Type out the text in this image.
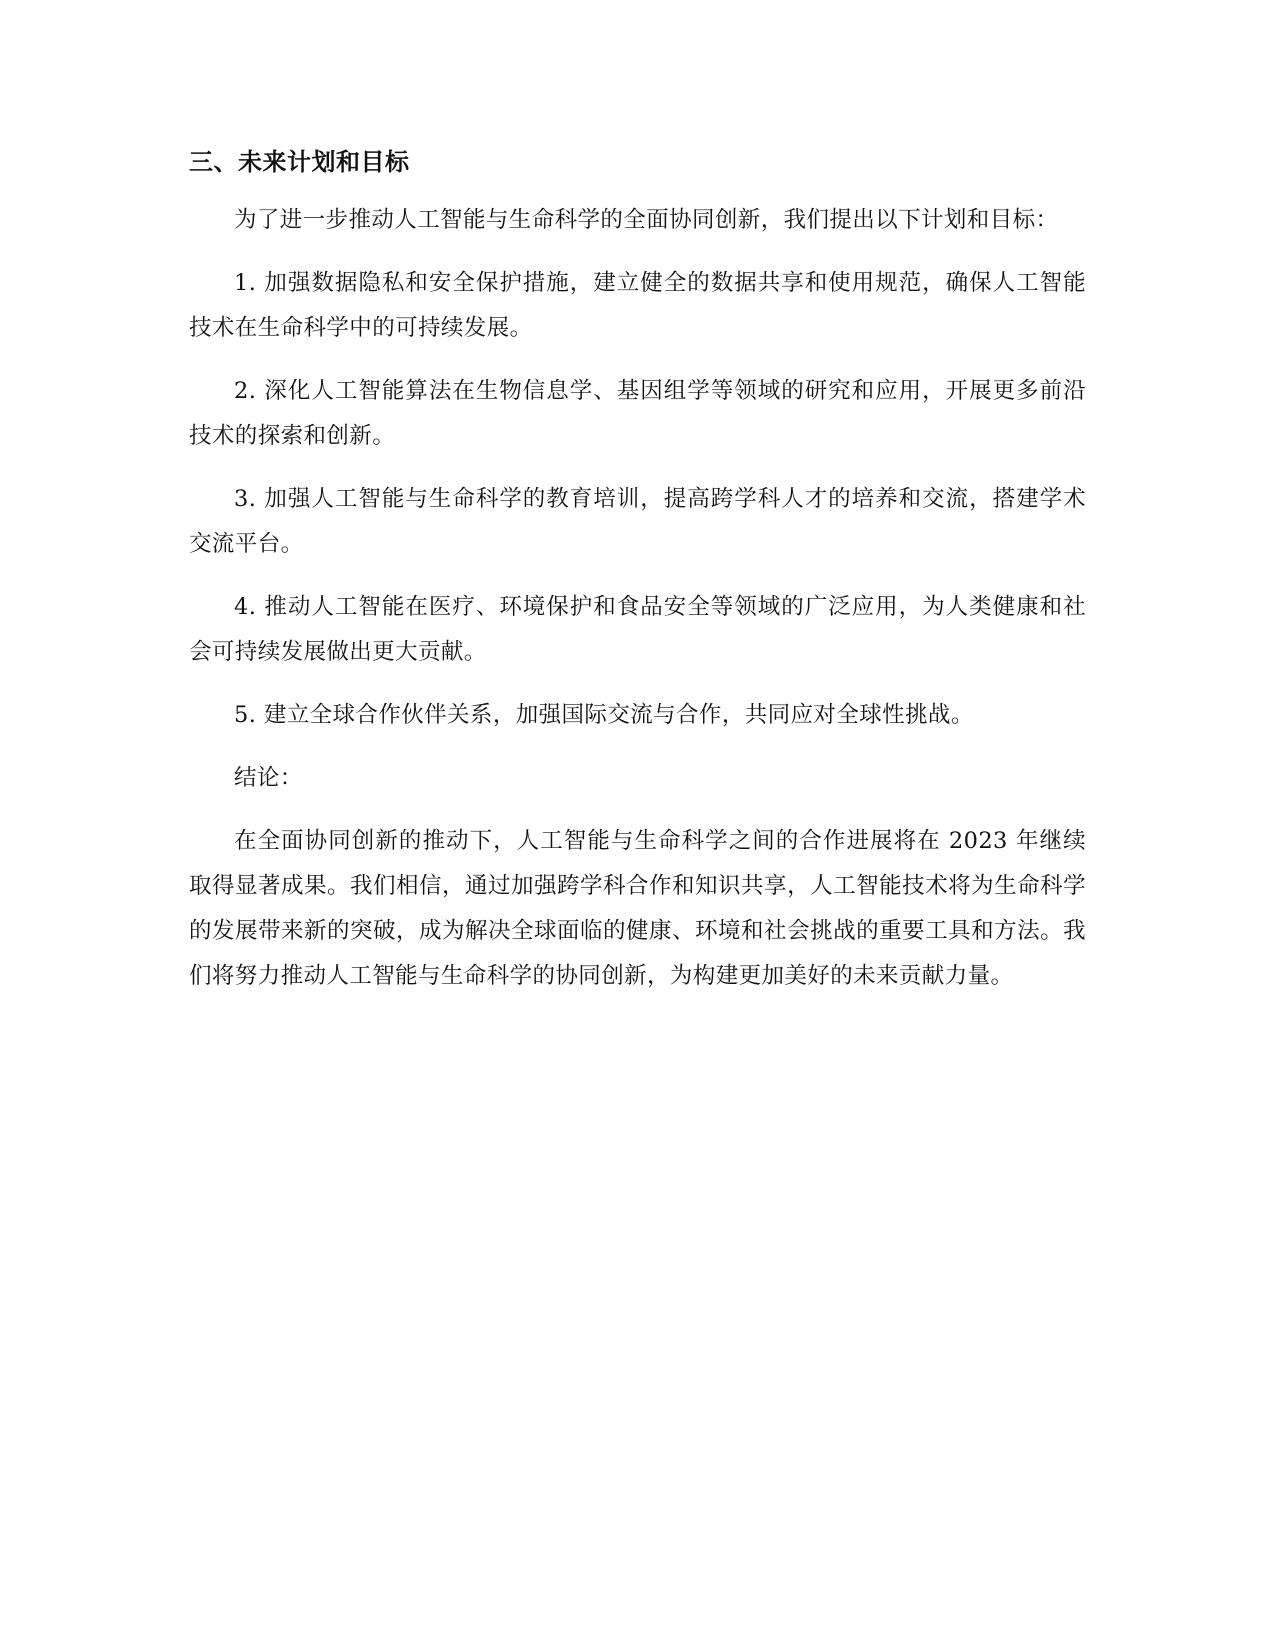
三、未来计划和目标

为了进一步推动人工智能与生命科学的全面协同创新，我们提出以下计划和目标：

1. 加强数据隐私和安全保护措施，建立健全的数据共享和使用规范，确保人工智能技术在生命科学中的可持续发展。

2. 深化人工智能算法在生物信息学、基因组学等领域的研究和应用，开展更多前沿技术的探索和创新。

3. 加强人工智能与生命科学的教育培训，提高跨学科人才的培养和交流，搭建学术交流平台。

4. 推动人工智能在医疗、环境保护和食品安全等领域的广泛应用，为人类健康和社会可持续发展做出更大贡献。

5. 建立全球合作伙伴关系，加强国际交流与合作，共同应对全球性挑战。

结论：

在全面协同创新的推动下，人工智能与生命科学之间的合作进展将在 2023 年继续取得显著成果。我们相信，通过加强跨学科合作和知识共享，人工智能技术将为生命科学的发展带来新的突破，成为解决全球面临的健康、环境和社会挑战的重要工具和方法。我们将努力推动人工智能与生命科学的协同创新，为构建更加美好的未来贡献力量。
